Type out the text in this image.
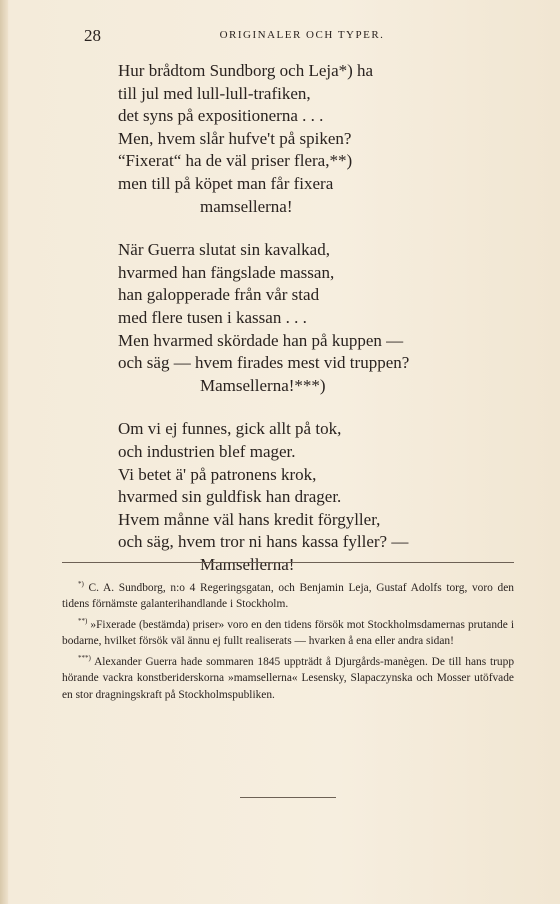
28	ORIGINALER OCH TYPER.
Hur brådtom Sundborg och Leja*) ha
till jul med lull-lull-trafiken,
det syns på expositionerna . . .
Men, hvem slår hufve't på spiken?
“Fixerat“ ha de väl priser flera,**)
men till på köpet man får fixera
mamsellerna!
När Guerra slutat sin kavalkad,
hvarmed han fängslade massan,
han galopperade från vår stad
med flere tusen i kassan . . .
Men hvarmed skördade han på kuppen —
och säg — hvem firades mest vid truppen?
Mamsellerna!***)
Om vi ej funnes, gick allt på tok,
och industrien blef mager.
Vi betet ä' på patronens krok,
hvarmed sin guldfisk han drager.
Hvem månne väl hans kredit förgyller,
och säg, hvem tror ni hans kassa fyller? —
Mamsellerna!

*) C. A. Sundborg, n:o 4 Regeringsgatan, och Benjamin Leja, Gustaf Adolfs torg, voro den tidens förnämste galanterihandlande i Stockholm.

**) »Fixerade (bestämda) priser» voro en den tidens försök mot Stockholmsdamernas prutande i bodarne, hvilket försök väl ännu ej fullt realiserats — hvarken å ena eller andra sidan!

***) Alexander Guerra hade sommaren 1845 uppträdt å Djurgårds-manègen. De till hans trupp hörande vackra konstberiderskorna »mamsellerna« Lesensky, Slapaczynska och Mosser utöfvade en stor dragningskraft på Stockholmspubliken.
